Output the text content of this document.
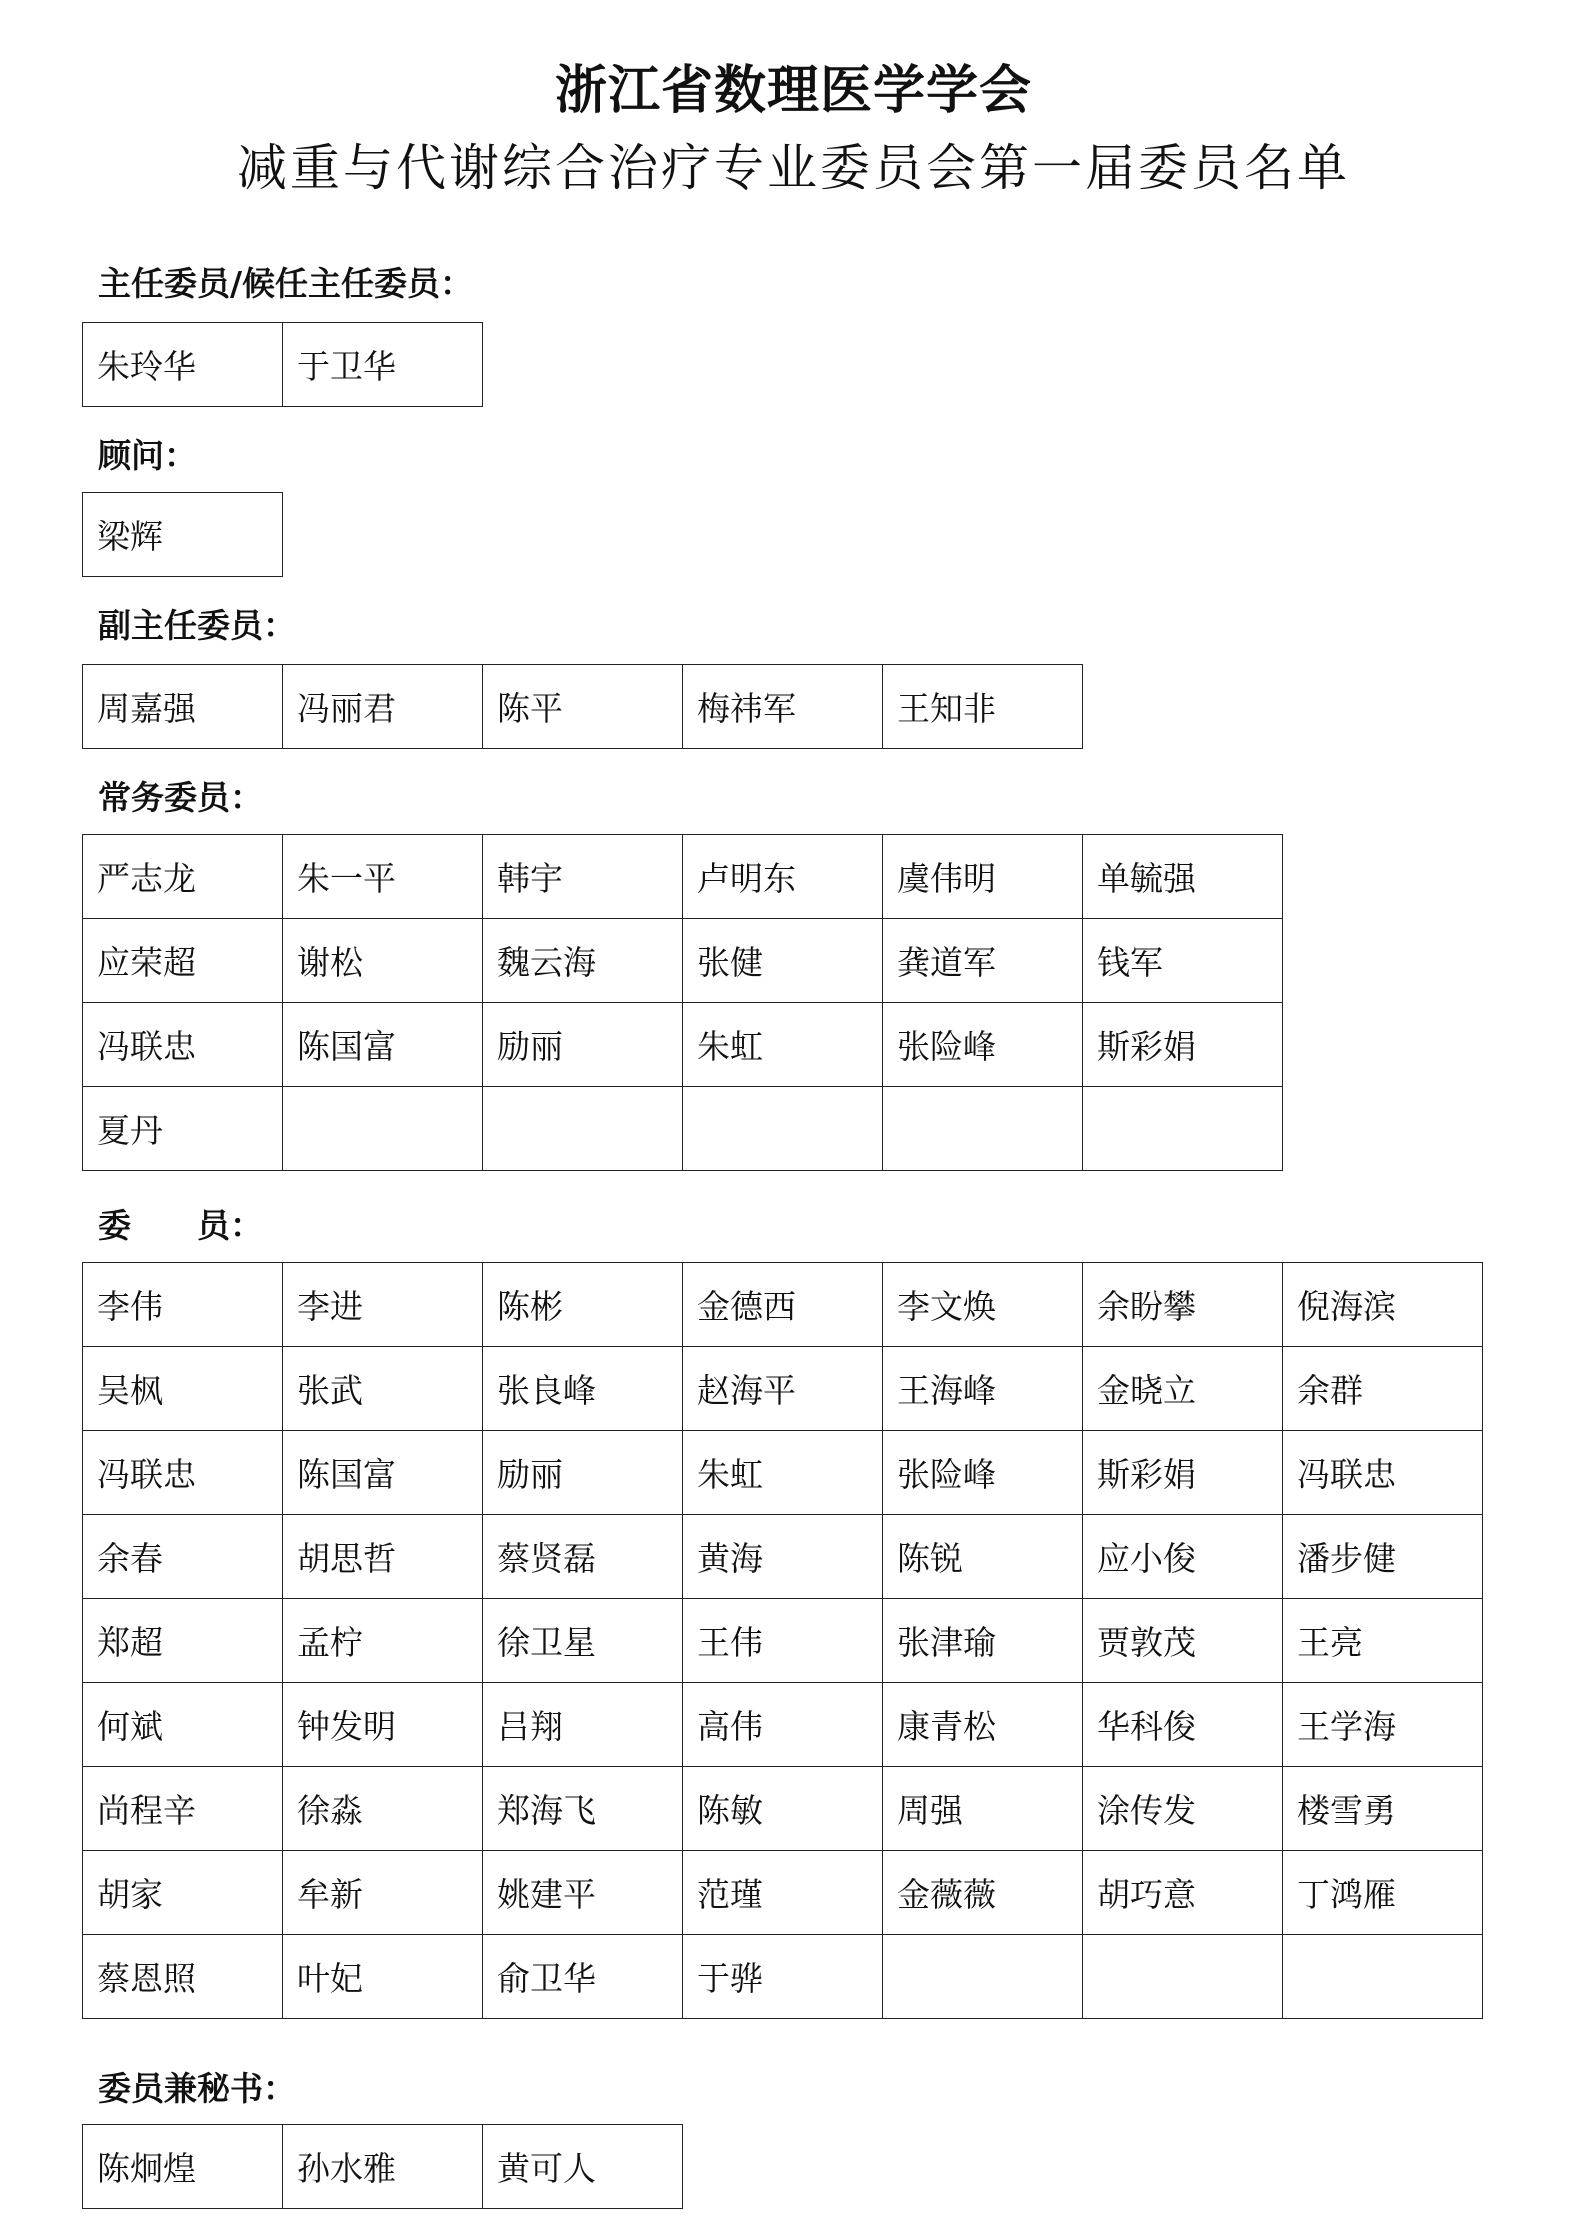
浙江省数理医学学会
减重与代谢综合治疗专业委员会第一届委员名单
主任委员/候任主任委员：
朱玲华	于卫华
顾问：
梁辉
副主任委员：
周嘉强	冯丽君	陈平	梅祎军	王知非
常务委员：
严志龙	朱一平	韩宇	卢明东	虞伟明	单毓强
应荣超	谢松	魏云海	张健	龚道军	钱军
冯联忠	陈国富	励丽	朱虹	张险峰	斯彩娟
夏丹					
委　　员：
李伟	李进	陈彬	金德西	李文焕	余盼攀	倪海滨
吴枫	张武	张良峰	赵海平	王海峰	金晓立	余群
冯联忠	陈国富	励丽	朱虹	张险峰	斯彩娟	冯联忠
余春	胡思哲	蔡贤磊	黄海	陈锐	应小俊	潘步健
郑超	孟柠	徐卫星	王伟	张津瑜	贾敦茂	王亮
何斌	钟发明	吕翔	高伟	康青松	华科俊	王学海
尚程辛	徐淼	郑海飞	陈敏	周强	涂传发	楼雪勇
胡家	牟新	姚建平	范瑾	金薇薇	胡巧意	丁鸿雁
蔡恩照	叶妃	俞卫华	于骅			
委员兼秘书：
陈炯煌	孙水雅	黄可人
